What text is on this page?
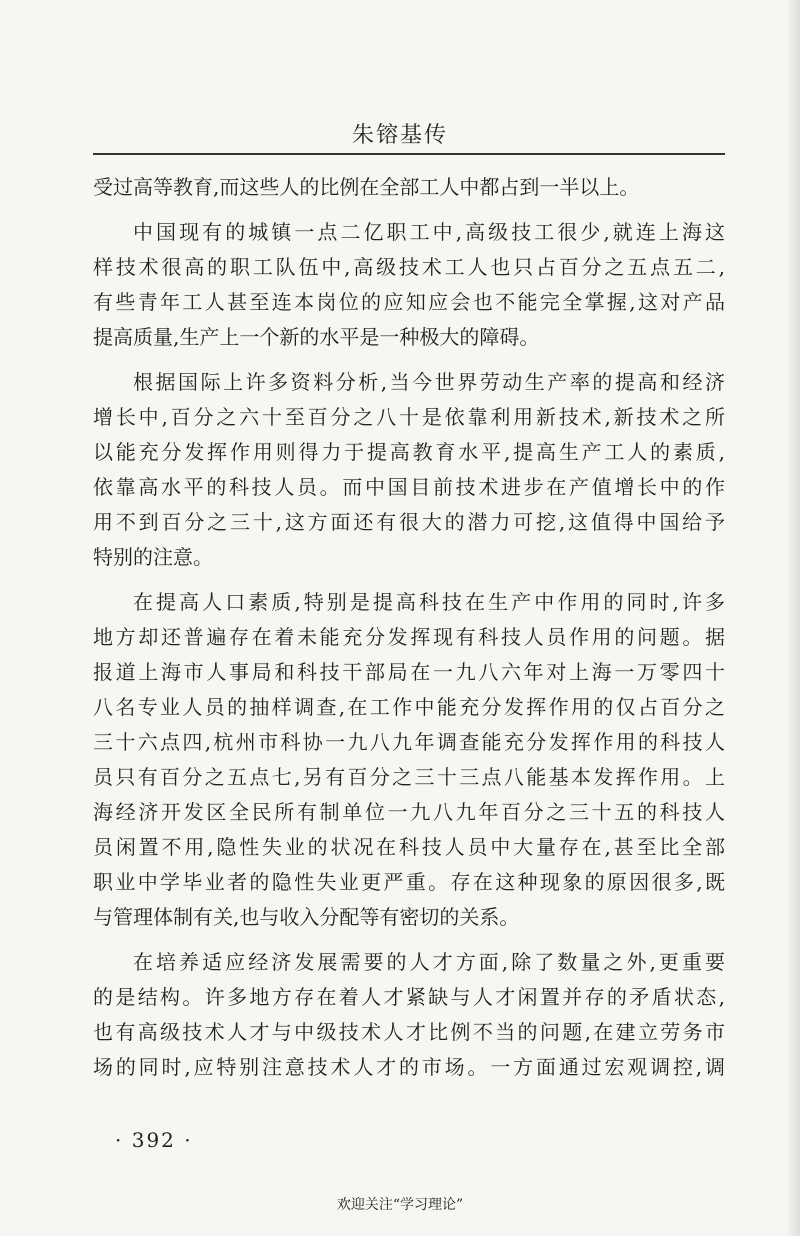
朱镕基传
受过高等教育,而这些人的比例在全部工人中都占到一半以上。
中国现有的城镇一点二亿职工中,高级技工很少,就连上海这
样技术很高的职工队伍中,高级技术工人也只占百分之五点五二,
有些青年工人甚至连本岗位的应知应会也不能完全掌握,这对产品
提高质量,生产上一个新的水平是一种极大的障碍。
根据国际上许多资料分析,当今世界劳动生产率的提高和经济
增长中,百分之六十至百分之八十是依靠利用新技术,新技术之所
以能充分发挥作用则得力于提高教育水平,提高生产工人的素质,
依靠高水平的科技人员。而中国目前技术进步在产值增长中的作
用不到百分之三十,这方面还有很大的潜力可挖,这值得中国给予
特别的注意。
在提高人口素质,特别是提高科技在生产中作用的同时,许多
地方却还普遍存在着未能充分发挥现有科技人员作用的问题。据
报道上海市人事局和科技干部局在一九八六年对上海一万零四十
八名专业人员的抽样调查,在工作中能充分发挥作用的仅占百分之
三十六点四,杭州市科协一九八九年调查能充分发挥作用的科技人
员只有百分之五点七,另有百分之三十三点八能基本发挥作用。上
海经济开发区全民所有制单位一九八九年百分之三十五的科技人
员闲置不用,隐性失业的状况在科技人员中大量存在,甚至比全部
职业中学毕业者的隐性失业更严重。存在这种现象的原因很多,既
与管理体制有关,也与收入分配等有密切的关系。
在培养适应经济发展需要的人才方面,除了数量之外,更重要
的是结构。许多地方存在着人才紧缺与人才闲置并存的矛盾状态,
也有高级技术人才与中级技术人才比例不当的问题,在建立劳务市
场的同时,应特别注意技术人才的市场。一方面通过宏观调控,调
· 392 ·
欢迎关注“学习理论”
